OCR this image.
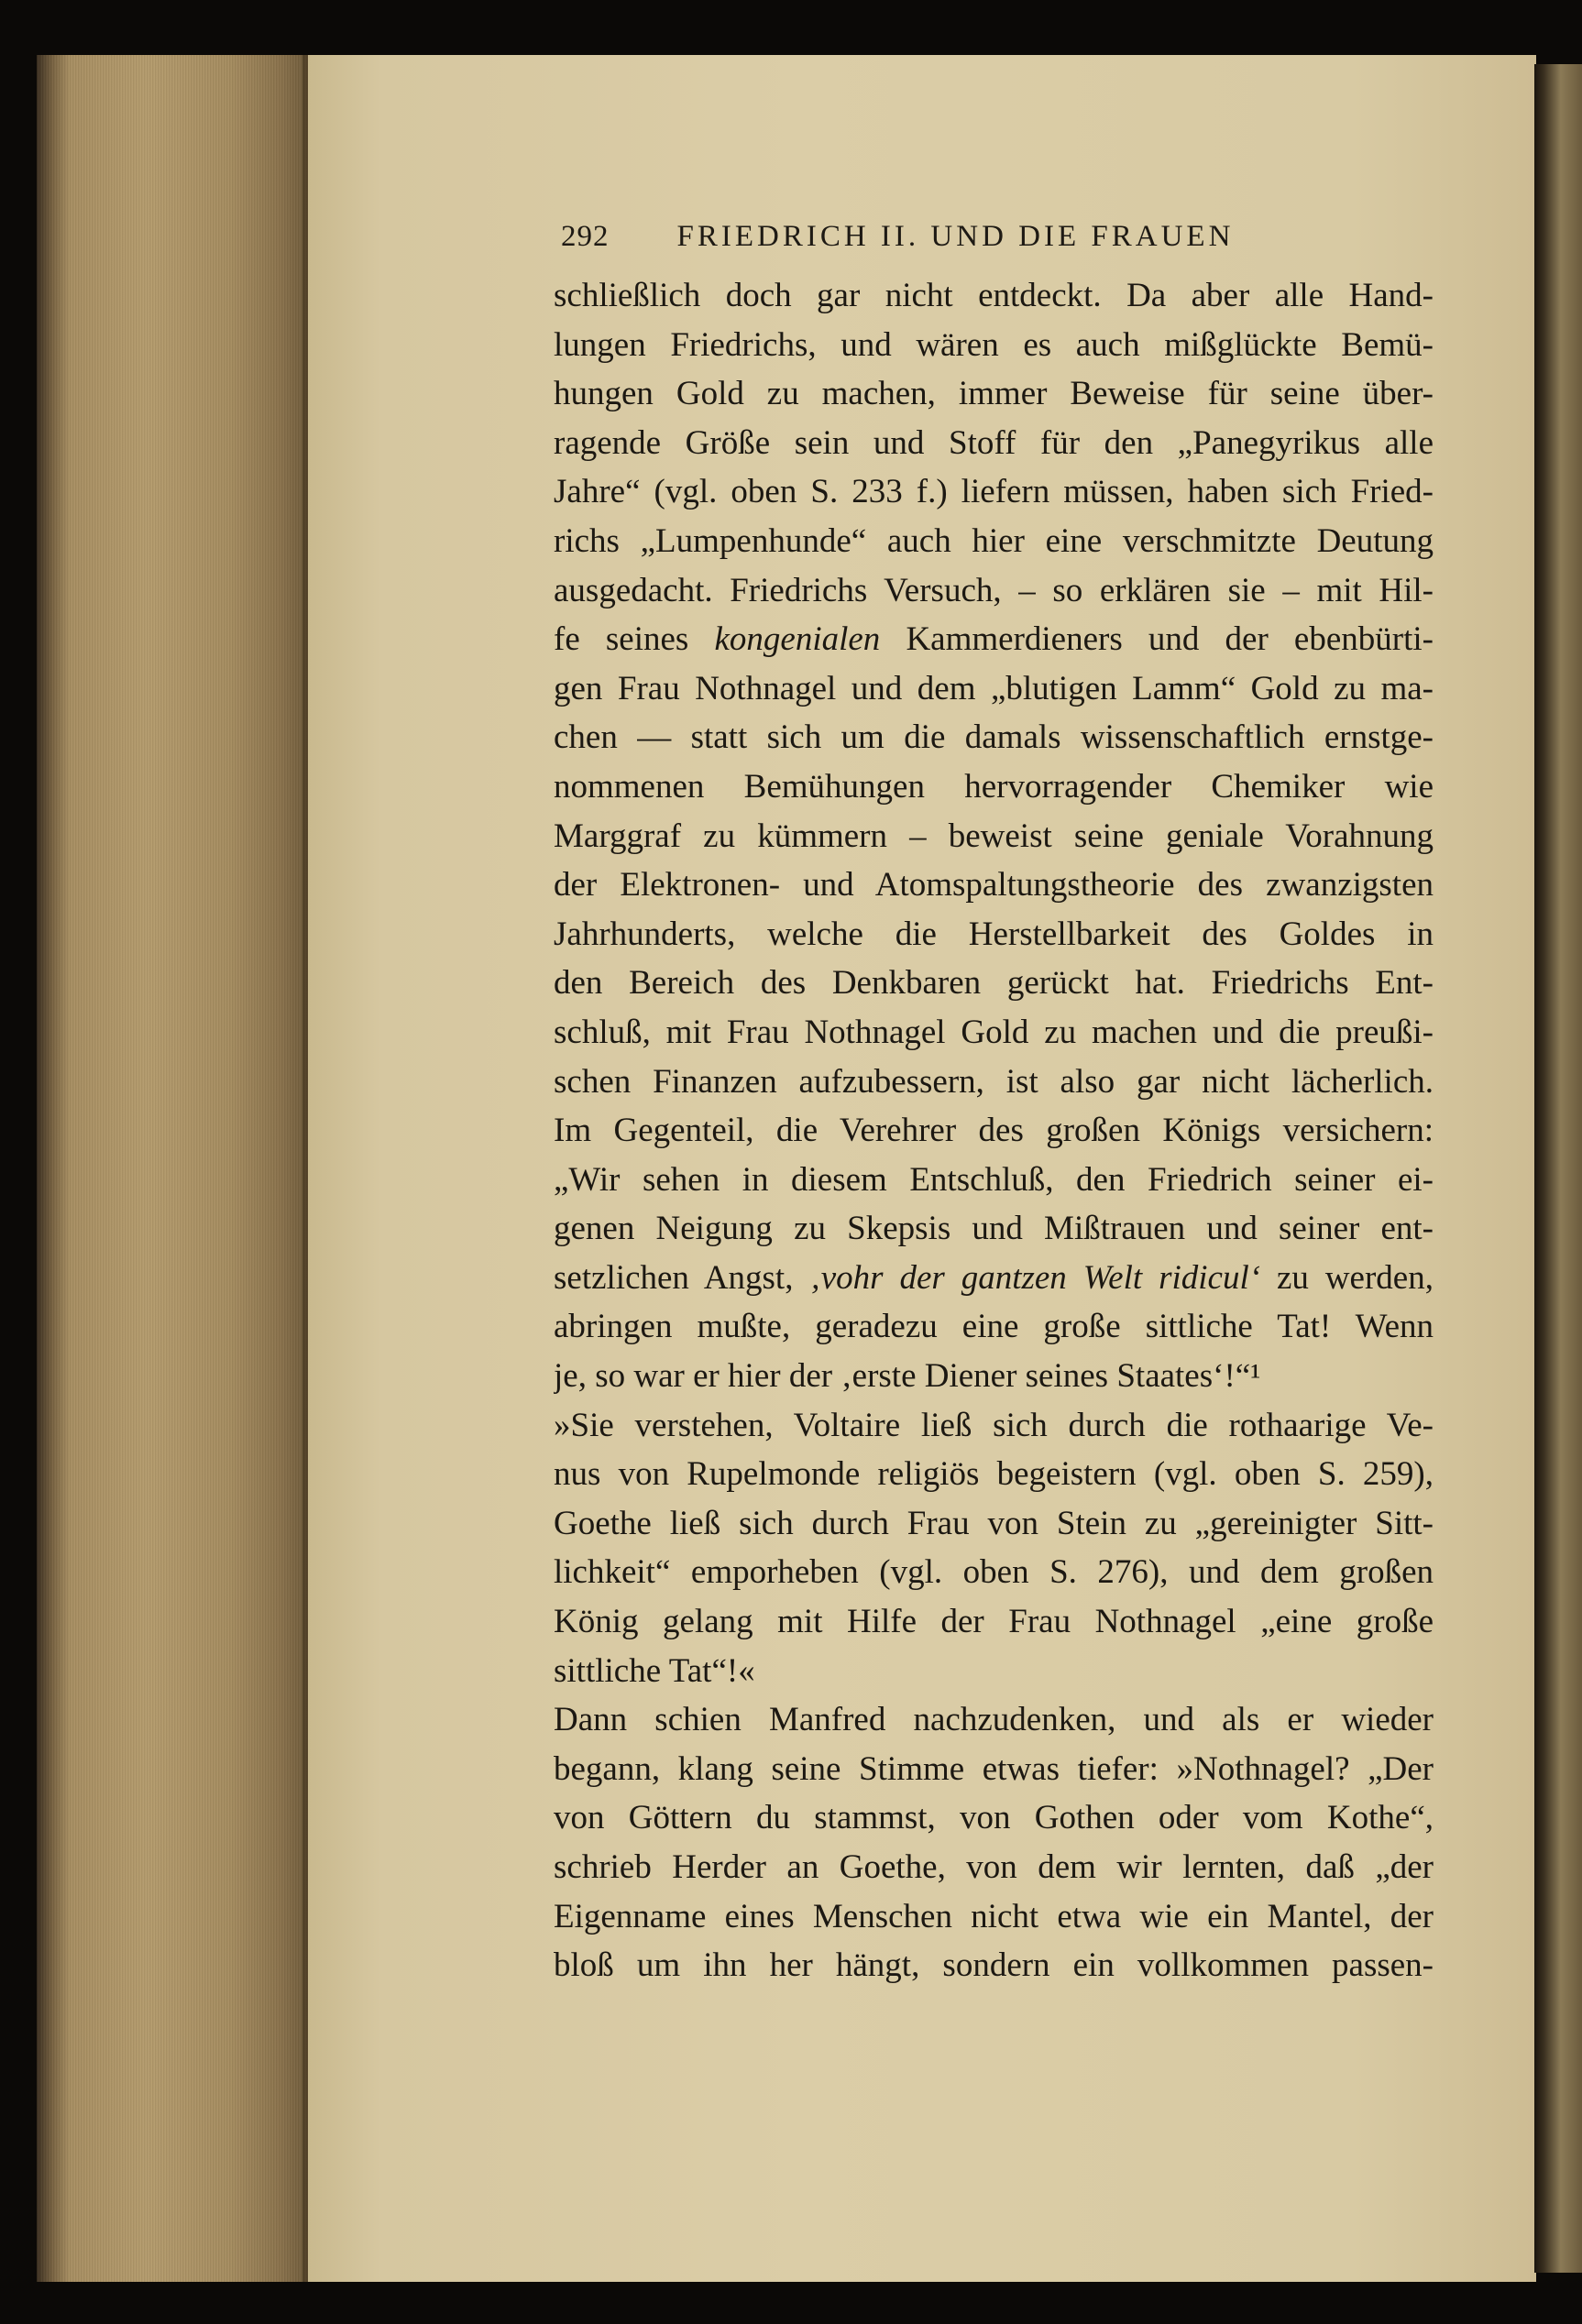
292 FRIEDRICH II. UND DIE FRAUEN
schließlich doch gar nicht entdeckt. Da aber alle Hand-
lungen Friedrichs, und wären es auch mißglückte Bemü-
hungen Gold zu machen, immer Beweise für seine über-
ragende Größe sein und Stoff für den „Panegyrikus alle
Jahre“ (vgl. oben S. 233 f.) liefern müssen, haben sich Fried-
richs „Lumpenhunde“ auch hier eine verschmitzte Deutung
ausgedacht. Friedrichs Versuch, – so erklären sie – mit Hil-
fe seines kongenialen Kammerdieners und der ebenbürti-
gen Frau Nothnagel und dem „blutigen Lamm“ Gold zu ma-
chen — statt sich um die damals wissenschaftlich ernstge-
nommenen Bemühungen hervorragender Chemiker wie
Marggraf zu kümmern – beweist seine geniale Vorahnung
der Elektronen- und Atomspaltungstheorie des zwanzigsten
Jahrhunderts, welche die Herstellbarkeit des Goldes in
den Bereich des Denkbaren gerückt hat. Friedrichs Ent-
schluß, mit Frau Nothnagel Gold zu machen und die preußi-
schen Finanzen aufzubessern, ist also gar nicht lächerlich.
Im Gegenteil, die Verehrer des großen Königs versichern:
„Wir sehen in diesem Entschluß, den Friedrich seiner ei-
genen Neigung zu Skepsis und Mißtrauen und seiner ent-
setzlichen Angst, ‚vohr der gantzen Welt ridicul‘ zu werden,
abringen mußte, geradezu eine große sittliche Tat! Wenn
je, so war er hier der ‚erste Diener seines Staates‘!“¹
»Sie verstehen, Voltaire ließ sich durch die rothaarige Ve-
nus von Rupelmonde religiös begeistern (vgl. oben S. 259),
Goethe ließ sich durch Frau von Stein zu „gereinigter Sitt-
lichkeit“ emporheben (vgl. oben S. 276), und dem großen
König gelang mit Hilfe der Frau Nothnagel „eine große
sittliche Tat“!«
Dann schien Manfred nachzudenken, und als er wieder
begann, klang seine Stimme etwas tiefer: »Nothnagel? „Der
von Göttern du stammst, von Gothen oder vom Kothe“,
schrieb Herder an Goethe, von dem wir lernten, daß „der
Eigenname eines Menschen nicht etwa wie ein Mantel, der
bloß um ihn her hängt, sondern ein vollkommen passen-
